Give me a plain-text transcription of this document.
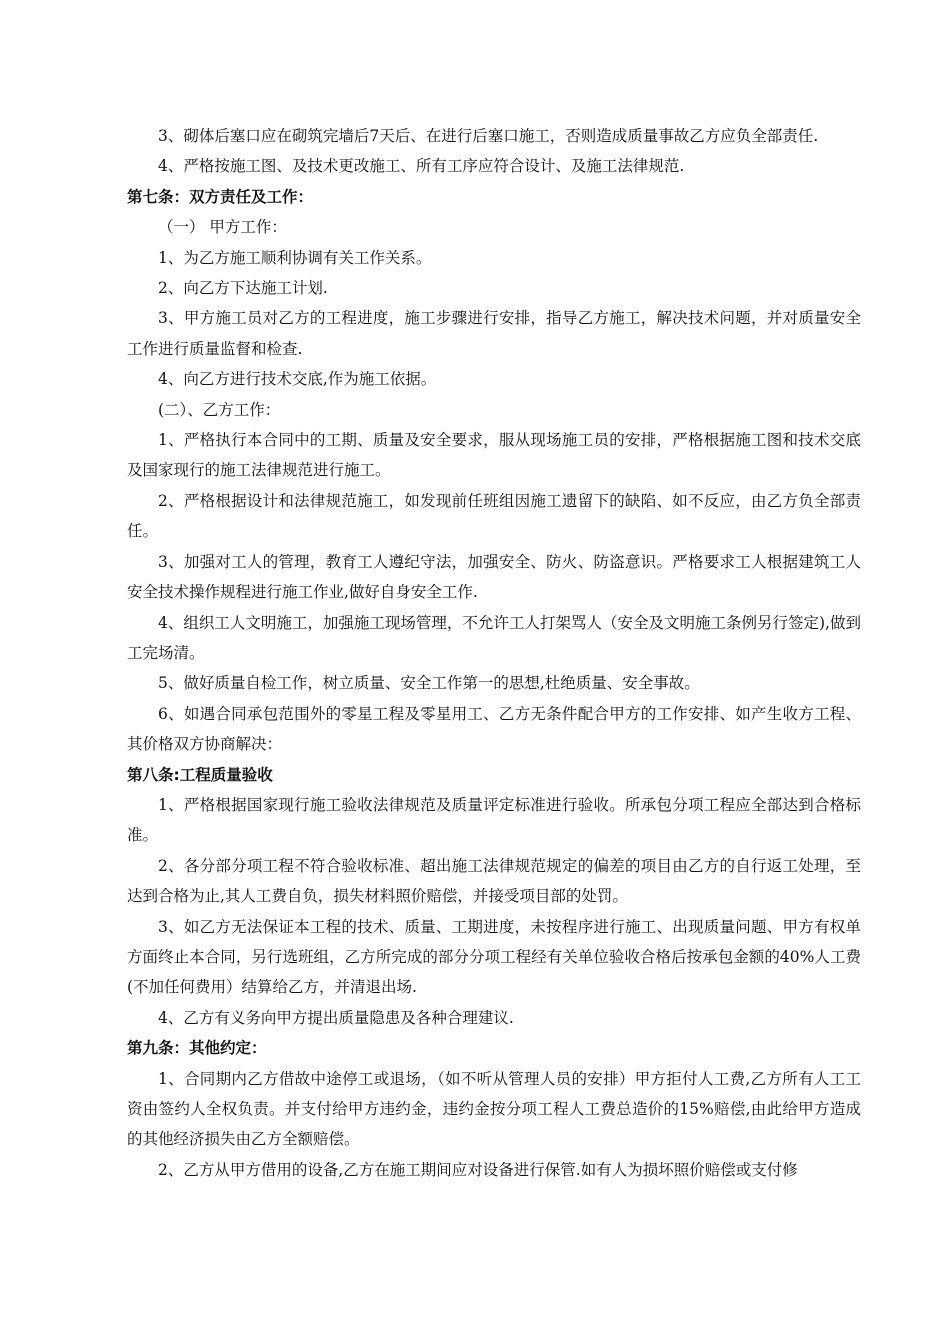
3、砌体后塞口应在砌筑完墙后7天后、在进行后塞口施工，否则造成质量事故乙方应负全部责任.

4、严格按施工图、及技术更改施工、所有工序应符合设计、及施工法律规范.

第七条：双方责任及工作：

（一） 甲方工作：

1、为乙方施工顺利协调有关工作关系。

2、向乙方下达施工计划.

3、甲方施工员对乙方的工程进度，施工步骤进行安排，指导乙方施工，解决技术问题，并对质量安全工作进行质量监督和检查.

4、向乙方进行技术交底,作为施工依据。

(二）、乙方工作：

1、严格执行本合同中的工期、质量及安全要求，服从现场施工员的安排，严格根据施工图和技术交底及国家现行的施工法律规范进行施工。

2、严格根据设计和法律规范施工，如发现前任班组因施工遗留下的缺陷、如不反应，由乙方负全部责任。

3、加强对工人的管理，教育工人遵纪守法，加强安全、防火、防盗意识。严格要求工人根据建筑工人安全技术操作规程进行施工作业,做好自身安全工作.

4、组织工人文明施工，加强施工现场管理，不允许工人打架骂人（安全及文明施工条例另行签定),做到工完场清。

5、做好质量自检工作，树立质量、安全工作第一的思想,杜绝质量、安全事故。

6、如遇合同承包范围外的零星工程及零星用工、乙方无条件配合甲方的工作安排、如产生收方工程、其价格双方协商解决：

第八条:工程质量验收

1、严格根据国家现行施工验收法律规范及质量评定标准进行验收。所承包分项工程应全部达到合格标准。

2、各分部分项工程不符合验收标准、超出施工法律规范规定的偏差的项目由乙方的自行返工处理，至达到合格为止,其人工费自负，损失材料照价赔偿，并接受项目部的处罚。

3、如乙方无法保证本工程的技术、质量、工期进度，未按程序进行施工、出现质量问题、甲方有权单方面终止本合同，另行选班组，乙方所完成的部分分项工程经有关单位验收合格后按承包金额的40%人工费(不加任何费用）结算给乙方，并清退出场.

4、乙方有义务向甲方提出质量隐患及各种合理建议.

第九条：其他约定：

1、合同期内乙方借故中途停工或退场，（如不听从管理人员的安排）甲方拒付人工费,乙方所有人工工资由签约人全权负责。并支付给甲方违约金，违约金按分项工程人工费总造价的15%赔偿,由此给甲方造成的其他经济损失由乙方全额赔偿。

2、乙方从甲方借用的设备,乙方在施工期间应对设备进行保管.如有人为损坏照价赔偿或支付修
